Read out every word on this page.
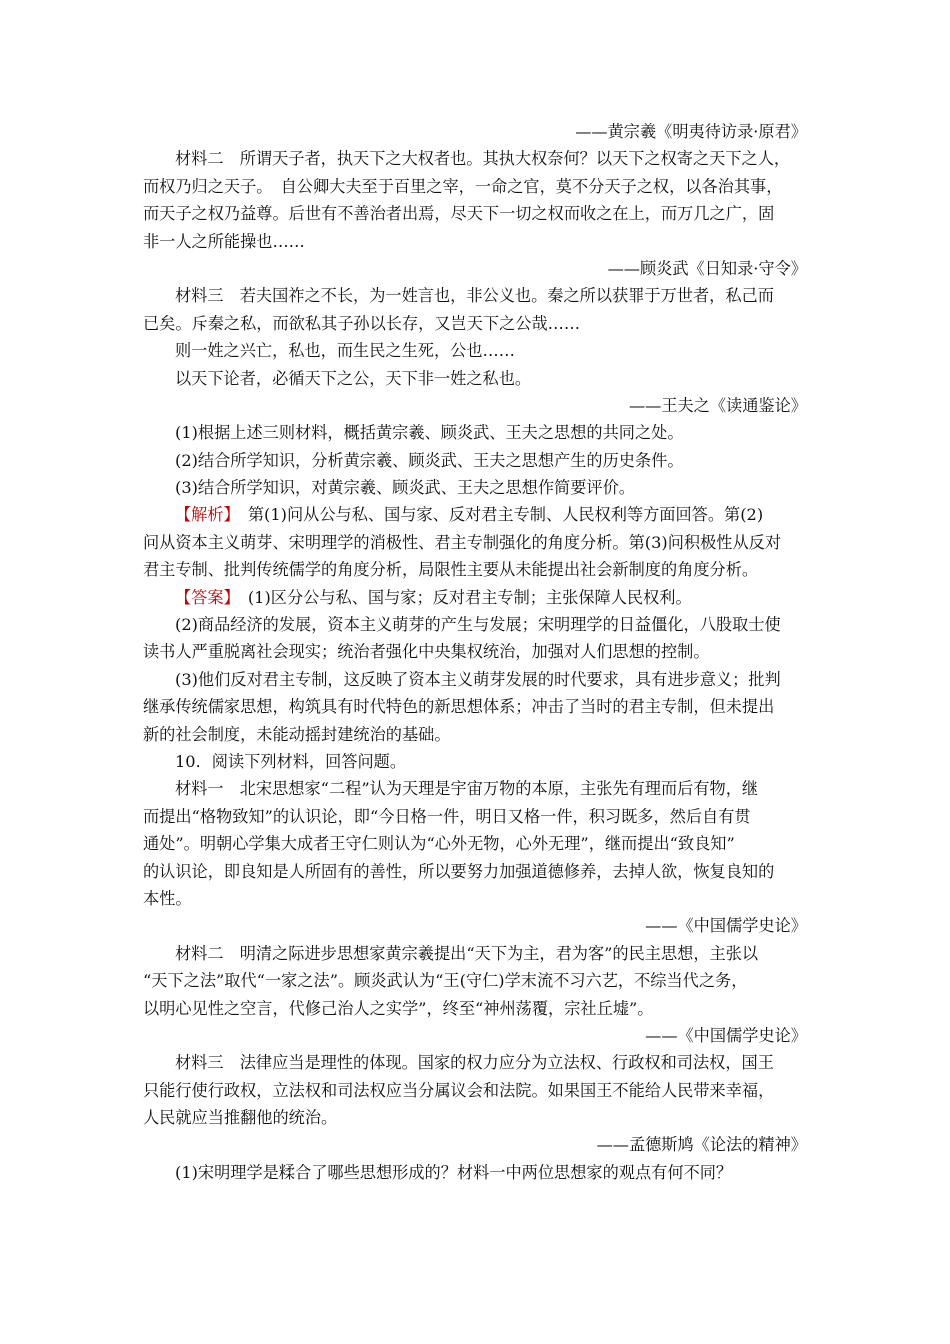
——黄宗羲《明夷待访录·原君》
材料二　所谓天子者，执天下之大权者也。其执大权奈何？以天下之权寄之天下之人，
而权乃归之天子。　自公卿大夫至于百里之宰，一命之官，莫不分天子之权，以各治其事，
而天子之权乃益尊。后世有不善治者出焉，尽天下一切之权而收之在上，而万几之广，固
非一人之所能操也……
——顾炎武《日知录·守令》
材料三　若夫国祚之不长，为一姓言也，非公义也。秦之所以获罪于万世者，私己而
已矣。斥秦之私，而欲私其子孙以长存，又岂天下之公哉……
则一姓之兴亡，私也，而生民之生死，公也……
以天下论者，必循天下之公，天下非一姓之私也。
——王夫之《读通鉴论》
(1)根据上述三则材料，概括黄宗羲、顾炎武、王夫之思想的共同之处。
(2)结合所学知识，分析黄宗羲、顾炎武、王夫之思想产生的历史条件。
(3)结合所学知识，对黄宗羲、顾炎武、王夫之思想作简要评价。
【解析】　第(1)问从公与私、国与家、反对君主专制、人民权利等方面回答。第(2)
问从资本主义萌芽、宋明理学的消极性、君主专制强化的角度分析。第(3)问积极性从反对
君主专制、批判传统儒学的角度分析，局限性主要从未能提出社会新制度的角度分析。
【答案】　(1)区分公与私、国与家；反对君主专制；主张保障人民权利。
(2)商品经济的发展，资本主义萌芽的产生与发展；宋明理学的日益僵化，八股取士使
读书人严重脱离社会现实；统治者强化中央集权统治，加强对人们思想的控制。
(3)他们反对君主专制，这反映了资本主义萌芽发展的时代要求，具有进步意义；批判
继承传统儒家思想，构筑具有时代特色的新思想体系；冲击了当时的君主专制，但未提出
新的社会制度，未能动摇封建统治的基础。
10．阅读下列材料，回答问题。
材料一　北宋思想家“二程”认为天理是宇宙万物的本原，主张先有理而后有物，继
而提出“格物致知”的认识论，即“今日格一件，明日又格一件，积习既多，然后自有贯
通处”。明朝心学集大成者王守仁则认为“心外无物，心外无理”，继而提出“致良知”
的认识论，即良知是人所固有的善性，所以要努力加强道德修养，去掉人欲，恢复良知的
本性。
——《中国儒学史论》
材料二　明清之际进步思想家黄宗羲提出“天下为主，君为客”的民主思想，主张以
“天下之法”取代“一家之法”。顾炎武认为“王(守仁)学末流不习六艺，不综当代之务，
以明心见性之空言，代修己治人之实学”，终至“神州荡覆，宗社丘墟”。
——《中国儒学史论》
材料三　法律应当是理性的体现。国家的权力应分为立法权、行政权和司法权，国王
只能行使行政权，立法权和司法权应当分属议会和法院。如果国王不能给人民带来幸福，
人民就应当推翻他的统治。
——孟德斯鸠《论法的精神》
(1)宋明理学是糅合了哪些思想形成的？材料一中两位思想家的观点有何不同？
